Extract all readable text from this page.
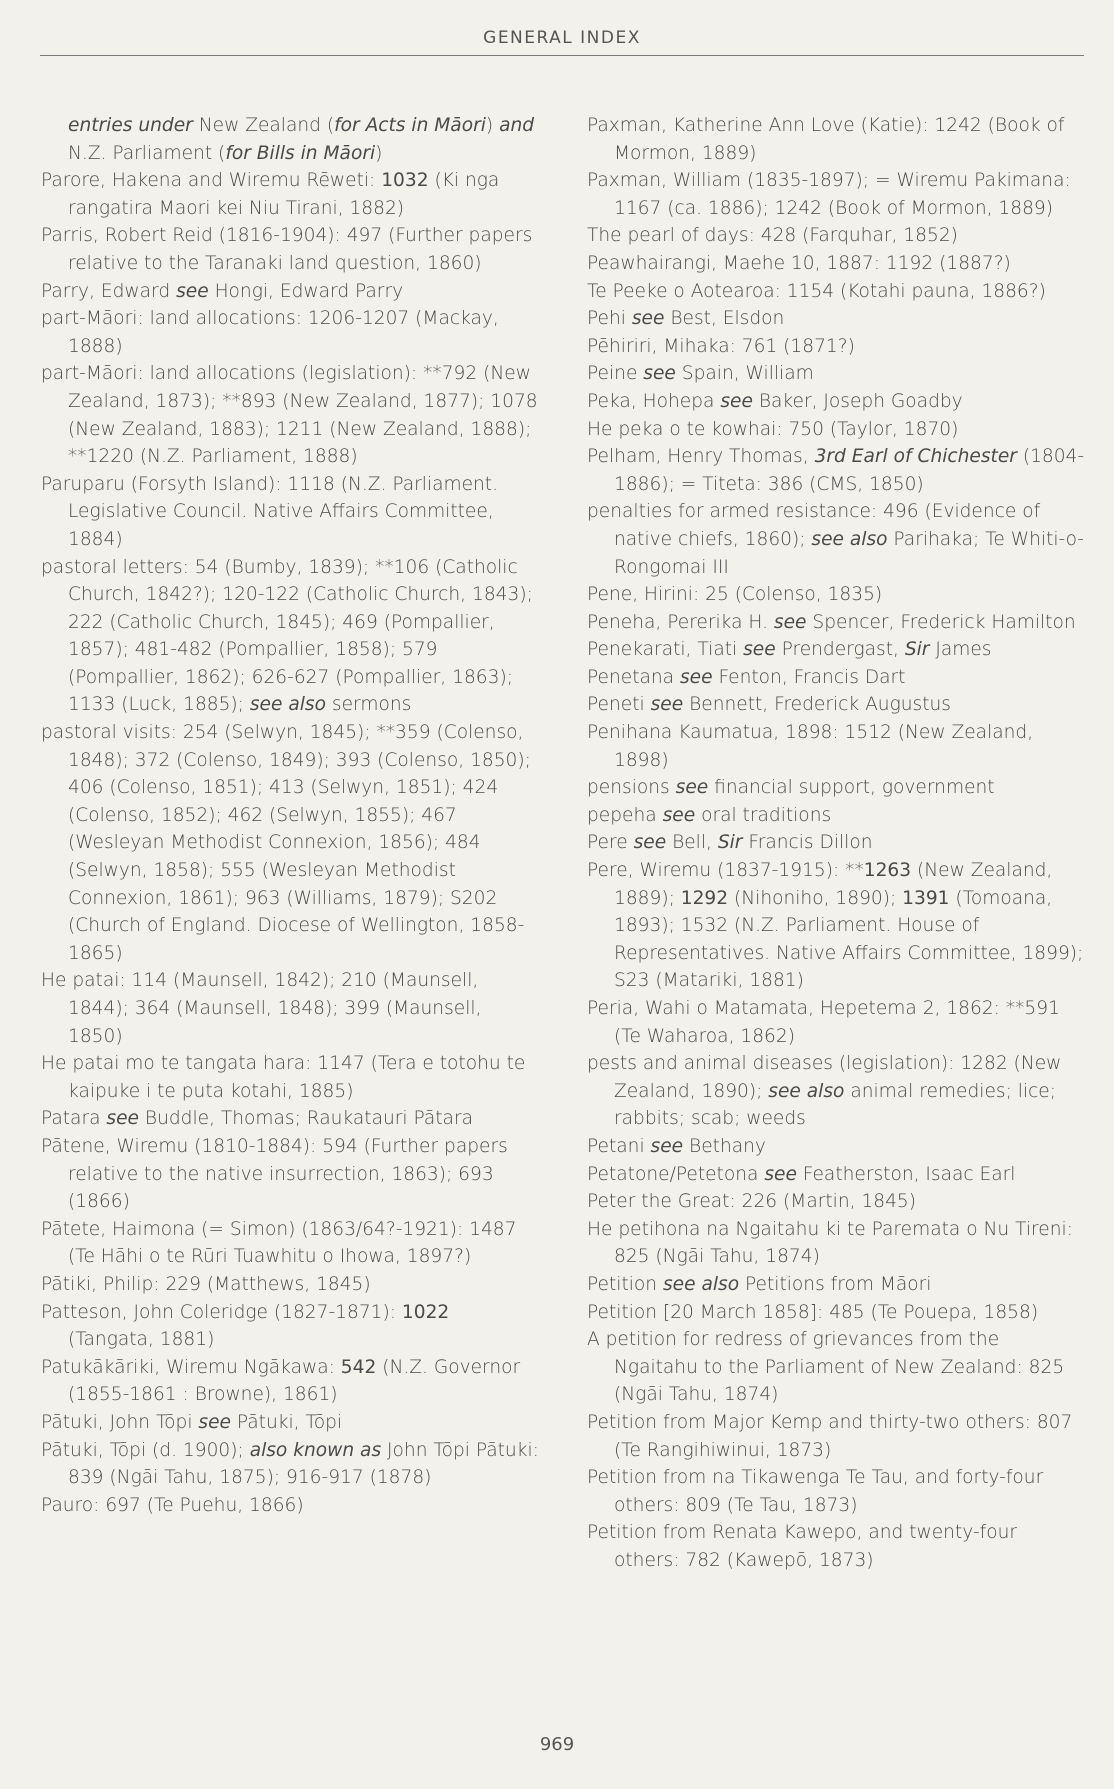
GENERAL INDEX
entries under New Zealand (for Acts in Māori) and N.Z. Parliament (for Bills in Māori)
Parore, Hakena and Wiremu Rēweti: 1032 (Ki nga rangatira Maori kei Niu Tirani, 1882)
Parris, Robert Reid (1816-1904): 497 (Further papers relative to the Taranaki land question, 1860)
Parry, Edward see Hongi, Edward Parry
part-Māori: land allocations: 1206-1207 (Mackay, 1888)
part-Māori: land allocations (legislation): **792 (New Zealand, 1873); **893 (New Zealand, 1877); 1078 (New Zealand, 1883); 1211 (New Zealand, 1888); **1220 (N.Z. Parliament, 1888)
Paruparu (Forsyth Island): 1118 (N.Z. Parliament. Legislative Council. Native Affairs Committee, 1884)
pastoral letters: 54 (Bumby, 1839); **106 (Catholic Church, 1842?); 120-122 (Catholic Church, 1843); 222 (Catholic Church, 1845); 469 (Pompallier, 1857); 481-482 (Pompallier, 1858); 579 (Pompallier, 1862); 626-627 (Pompallier, 1863); 1133 (Luck, 1885); see also sermons
pastoral visits: 254 (Selwyn, 1845); **359 (Colenso, 1848); 372 (Colenso, 1849); 393 (Colenso, 1850); 406 (Colenso, 1851); 413 (Selwyn, 1851); 424 (Colenso, 1852); 462 (Selwyn, 1855); 467 (Wesleyan Methodist Connexion, 1856); 484 (Selwyn, 1858); 555 (Wesleyan Methodist Connexion, 1861); 963 (Williams, 1879); S202 (Church of England. Diocese of Wellington, 1858-1865)
He patai: 114 (Maunsell, 1842); 210 (Maunsell, 1844); 364 (Maunsell, 1848); 399 (Maunsell, 1850)
He patai mo te tangata hara: 1147 (Tera e totohu te kaipuke i te puta kotahi, 1885)
Patara see Buddle, Thomas; Raukatauri Pātara
Pātene, Wiremu (1810-1884): 594 (Further papers relative to the native insurrection, 1863); 693 (1866)
Pātete, Haimona (= Simon) (1863/64?-1921): 1487 (Te Hāhi o te Rūri Tuawhitu o Ihowa, 1897?)
Pātiki, Philip: 229 (Matthews, 1845)
Patteson, John Coleridge (1827-1871): 1022 (Tangata, 1881)
Patukākāriki, Wiremu Ngākawa: 542 (N.Z. Governor (1855-1861 : Browne), 1861)
Pātuki, John Tōpi see Pātuki, Tōpi
Pātuki, Tōpi (d. 1900); also known as John Tōpi Pātuki: 839 (Ngāi Tahu, 1875); 916-917 (1878)
Pauro: 697 (Te Puehu, 1866)
Paxman, Katherine Ann Love (Katie): 1242 (Book of Mormon, 1889)
Paxman, William (1835-1897); = Wiremu Pakimana: 1167 (ca. 1886); 1242 (Book of Mormon, 1889)
The pearl of days: 428 (Farquhar, 1852)
Peawhairangi, Maehe 10, 1887: 1192 (1887?)
Te Peeke o Aotearoa: 1154 (Kotahi pauna, 1886?)
Pehi see Best, Elsdon
Pēhiriri, Mihaka: 761 (1871?)
Peine see Spain, William
Peka, Hohepa see Baker, Joseph Goadby
He peka o te kowhai: 750 (Taylor, 1870)
Pelham, Henry Thomas, 3rd Earl of Chichester (1804-1886); = Titeta: 386 (CMS, 1850)
penalties for armed resistance: 496 (Evidence of native chiefs, 1860); see also Parihaka; Te Whiti-o-Rongomai III
Pene, Hirini: 25 (Colenso, 1835)
Peneha, Pererika H. see Spencer, Frederick Hamilton
Penekarati, Tiati see Prendergast, Sir James
Penetana see Fenton, Francis Dart
Peneti see Bennett, Frederick Augustus
Penihana Kaumatua, 1898: 1512 (New Zealand, 1898)
pensions see financial support, government
pepeha see oral traditions
Pere see Bell, Sir Francis Dillon
Pere, Wiremu (1837-1915): **1263 (New Zealand, 1889); 1292 (Nihoniho, 1890); 1391 (Tomoana, 1893); 1532 (N.Z. Parliament. House of Representatives. Native Affairs Committee, 1899); S23 (Matariki, 1881)
Peria, Wahi o Matamata, Hepetema 2, 1862: **591 (Te Waharoa, 1862)
pests and animal diseases (legislation): 1282 (New Zealand, 1890); see also animal remedies; lice; rabbits; scab; weeds
Petani see Bethany
Petatone/Petetona see Featherston, Isaac Earl
Peter the Great: 226 (Martin, 1845)
He petihona na Ngaitahu ki te Paremata o Nu Tireni: 825 (Ngāi Tahu, 1874)
Petition see also Petitions from Māori
Petition [20 March 1858]: 485 (Te Pouepa, 1858)
A petition for redress of grievances from the Ngaitahu to the Parliament of New Zealand: 825 (Ngāi Tahu, 1874)
Petition from Major Kemp and thirty-two others: 807 (Te Rangihiwinui, 1873)
Petition from na Tikawenga Te Tau, and forty-four others: 809 (Te Tau, 1873)
Petition from Renata Kawepo, and twenty-four others: 782 (Kawepō, 1873)
969
